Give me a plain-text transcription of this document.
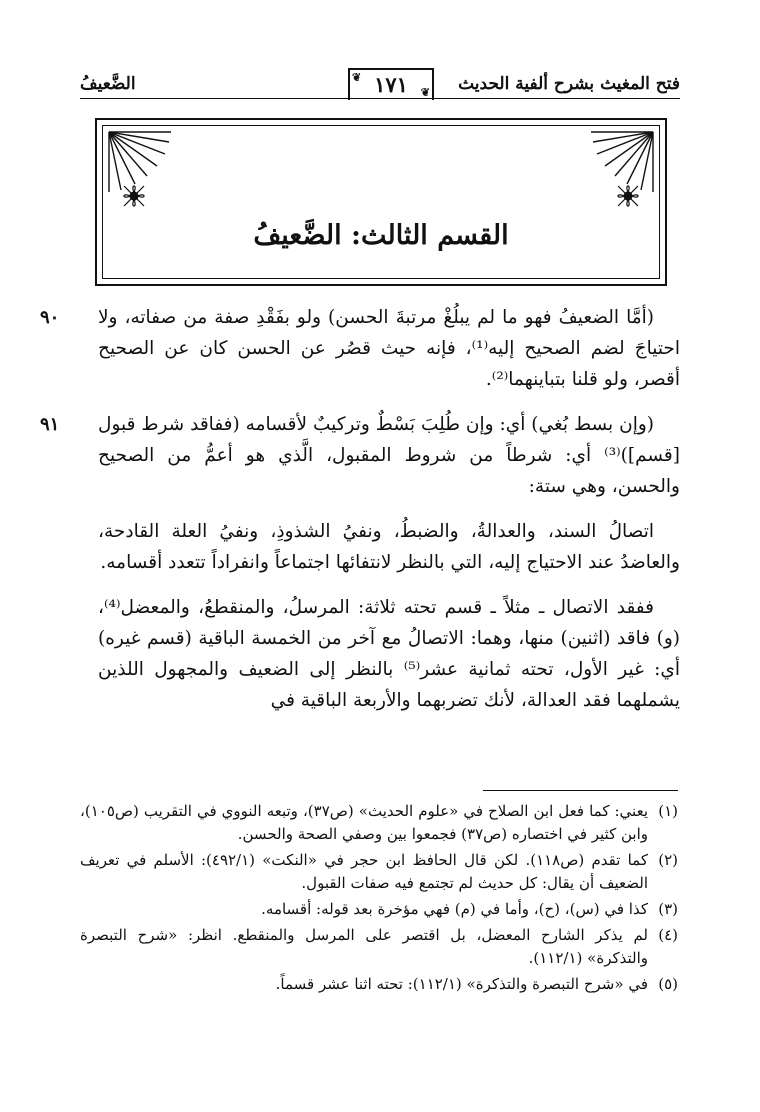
فتح المغيث بشرح ألفية الحديث
❦ ١٧١ ❦
الضَّعيفُ
القسم الثالث: الضَّعيفُ

٩٠ (أمَّا الضعيفُ فهو ما لم يبلُغْ مرتبةَ الحسن) ولو بفَقْدِ صفة من صفاته، ولا احتياجَ لضم الصحيح إليه⁽¹⁾، فإنه حيث قصُر عن الحسن كان عن الصحيح أقصر، ولو قلنا بتباينهما⁽²⁾.

٩١ (وإن بسط بُغي) أي: وإن طُلِبَ بَسْطٌ وتركيبٌ لأقسامه (ففاقد شرط قبول [قسم])⁽³⁾ أي: شرطاً من شروط المقبول، الَّذي هو أعمُّ من الصحيح والحسن، وهي ستة:

اتصالُ السند، والعدالةُ، والضبطُ، ونفيُ الشذوذِ، ونفيُ العلة القادحة، والعاضدُ عند الاحتياج إليه، التي بالنظر لانتفائها اجتماعاً وانفراداً تتعدد أقسامه.

ففقد الاتصال ـ مثلاً ـ قسم تحته ثلاثة: المرسلُ، والمنقطعُ، والمعضل⁽⁴⁾، (و) فاقد (اثنين) منها، وهما: الاتصالُ مع آخر من الخمسة الباقية (قسم غيره) أي: غير الأول، تحته ثمانية عشر⁽⁵⁾ بالنظر إلى الضعيف والمجهول اللذين يشملهما فقد العدالة، لأنك تضربهما والأربعة الباقية في

(١)
يعني: كما فعل ابن الصلاح في «علوم الحديث» (ص٣٧)، وتبعه النووي في التقريب (ص١٠٥)، وابن كثير في اختصاره (ص٣٧) فجمعوا بين وصفي الصحة والحسن.
(٢)
كما تقدم (ص١١٨). لكن قال الحافظ ابن حجر في «النكت» (٤٩٢/١): الأسلم في تعريف الضعيف أن يقال: كل حديث لم تجتمع فيه صفات القبول.
(٣)
كذا في (س)، (ح)، وأما في (م) فهي مؤخرة بعد قوله: أقسامه.
(٤)
لم يذكر الشارح المعضل، بل اقتصر على المرسل والمنقطع. انظر: «شرح التبصرة والتذكرة» (١١٢/١).
(٥)
في «شرح التبصرة والتذكرة» (١١٢/١): تحته اثنا عشر قسماً.
